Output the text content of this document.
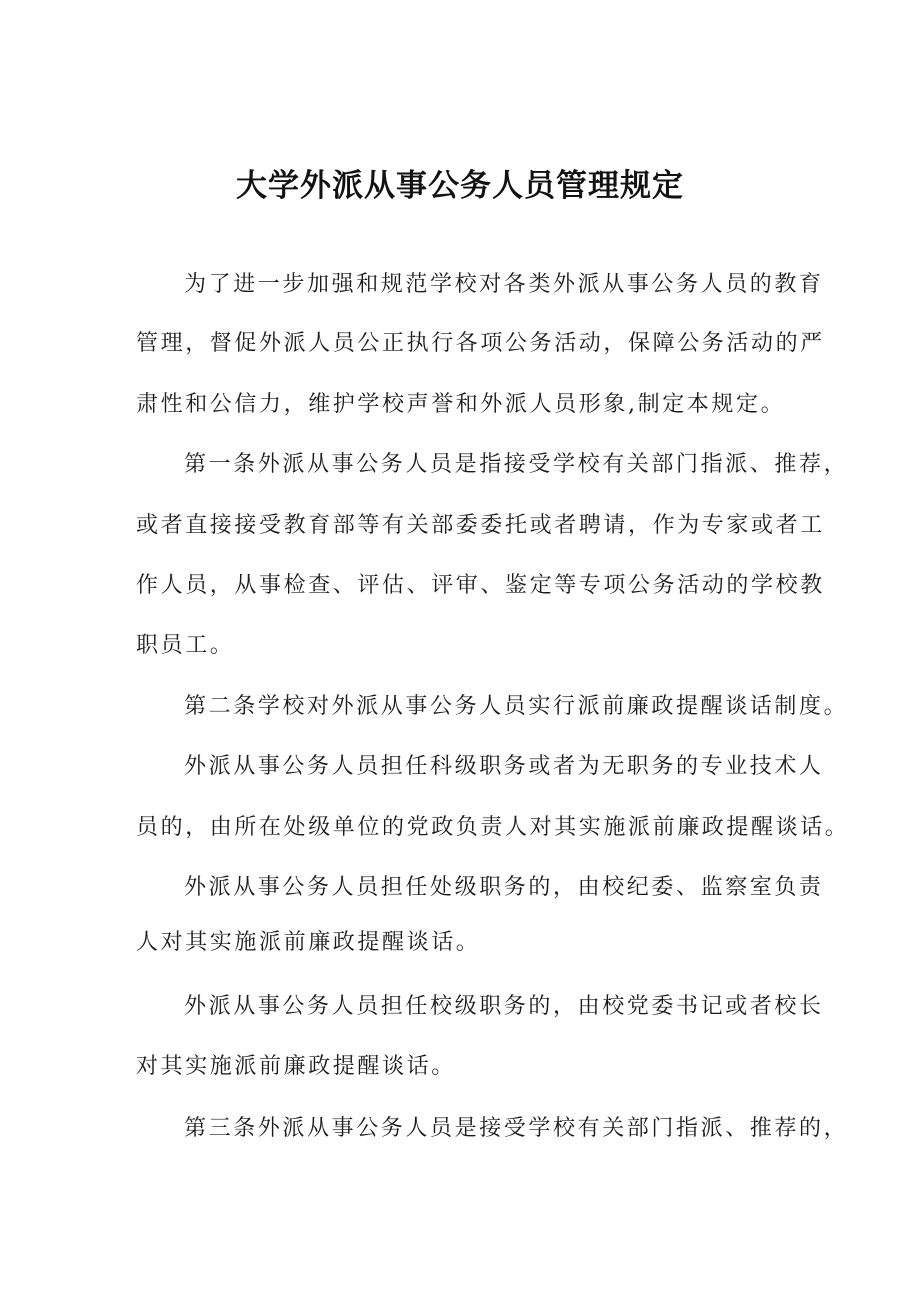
大学外派从事公务人员管理规定
为了进一步加强和规范学校对各类外派从事公务人员的教育
管理，督促外派人员公正执行各项公务活动，保障公务活动的严
肃性和公信力，维护学校声誉和外派人员形象,制定本规定。
第一条外派从事公务人员是指接受学校有关部门指派、推荐，
或者直接接受教育部等有关部委委托或者聘请，作为专家或者工
作人员，从事检查、评估、评审、鉴定等专项公务活动的学校教
职员工。
第二条学校对外派从事公务人员实行派前廉政提醒谈话制度。
外派从事公务人员担任科级职务或者为无职务的专业技术人
员的，由所在处级单位的党政负责人对其实施派前廉政提醒谈话。
外派从事公务人员担任处级职务的，由校纪委、监察室负责
人对其实施派前廉政提醒谈话。
外派从事公务人员担任校级职务的，由校党委书记或者校长
对其实施派前廉政提醒谈话。
第三条外派从事公务人员是接受学校有关部门指派、推荐的，
